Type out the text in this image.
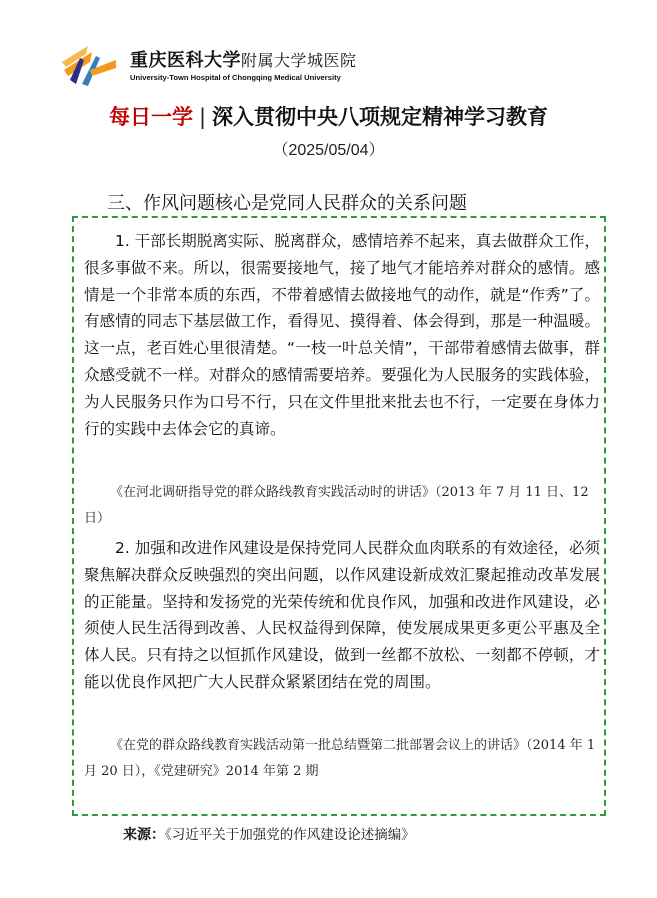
重庆医科大学附属大学城医院
University-Town Hospital of Chongqing Medical University
每日一学 | 深入贯彻中央八项规定精神学习教育
（2025/05/04）
三、作风问题核心是党同人民群众的关系问题

1. 干部长期脱离实际、脱离群众，感情培养不起来，真去做群众工作，很多事做不来。所以，很需要接地气，接了地气才能培养对群众的感情。感情是一个非常本质的东西，不带着感情去做接地气的动作，就是“作秀”了。有感情的同志下基层做工作，看得见、摸得着、体会得到，那是一种温暖。这一点，老百姓心里很清楚。“一枝一叶总关情”，干部带着感情去做事，群众感受就不一样。对群众的感情需要培养。要强化为人民服务的实践体验，为人民服务只作为口号不行，只在文件里批来批去也不行，一定要在身体力行的实践中去体会它的真谛。

《在河北调研指导党的群众路线教育实践活动时的讲话》（2013 年 7 月 11 日、12 日）

2. 加强和改进作风建设是保持党同人民群众血肉联系的有效途径，必须聚焦解决群众反映强烈的突出问题，以作风建设新成效汇聚起推动改革发展的正能量。坚持和发扬党的光荣传统和优良作风，加强和改进作风建设，必须使人民生活得到改善、人民权益得到保障，使发展成果更多更公平惠及全体人民。只有持之以恒抓作风建设，做到一丝都不放松、一刻都不停顿，才能以优良作风把广大人民群众紧紧团结在党的周围。

《在党的群众路线教育实践活动第一批总结暨第二批部署会议上的讲话》（2014 年 1 月 20 日），《党建研究》2014 年第 2 期

来源：《习近平关于加强党的作风建设论述摘编》
